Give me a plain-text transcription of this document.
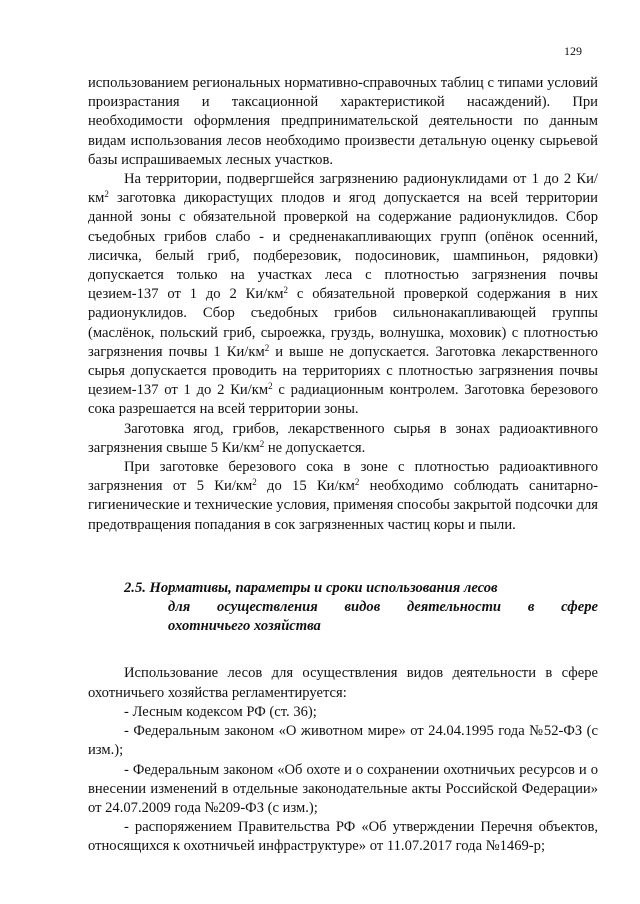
129

использованием региональных нормативно-справочных таблиц с типами условий произрастания и таксационной характеристикой насаждений). При необходимости оформления предпринимательской деятельности по данным видам использования лесов необходимо произвести детальную оценку сырьевой базы испрашиваемых лесных участков.

На территории, подвергшейся загрязнению радионуклидами от 1 до 2 $Ки/км^2$ заготовка дикорастущих плодов и ягод допускается на всей территории данной зоны с обязательной проверкой на содержание радионуклидов. Сбор съедобных грибов слабо - и средненакапливающих групп (опёнок осенний, лисичка, белый гриб, подберезовик, подосиновик, шампиньон, рядовки) допускается только на участках леса с плотностью загрязнения почвы цезием-137 от 1 до 2 $Ки/км^2$ с обязательной проверкой содержания в них радионуклидов. Сбор съедобных грибов сильнонакапливающей группы (маслёнок, польский гриб, сыроежка, груздь, волнушка, моховик) с плотностью загрязнения почвы 1 $Ки/км^2$ и выше не допускается. Заготовка лекарственного сырья допускается проводить на территориях с плотностью загрязнения почвы цезием-137 от 1 до 2 $Ки/км^2$ с радиационным контролем. Заготовка березового сока разрешается на всей территории зоны.

Заготовка ягод, грибов, лекарственного сырья в зонах радиоактивного загрязнения свыше 5 $Ки/км^2$ не допускается.

При заготовке березового сока в зоне с плотностью радиоактивного загрязнения от 5 $Ки/км^2$ до 15 $Ки/км^2$ необходимо соблюдать санитарно-гигиенические и технические условия, применяя способы закрытой подсочки для предотвращения попадания в сок загрязненных частиц коры и пыли.

2.5. Нормативы, параметры и сроки использования лесов
для осуществления видов деятельности в сфере
охотничьего хозяйства

Использование лесов для осуществления видов деятельности в сфере охотничьего хозяйства регламентируется:

- Лесным кодексом РФ (ст. 36);

- Федеральным законом «О животном мире» от 24.04.1995 года №52-ФЗ (с изм.);

- Федеральным законом «Об охоте и о сохранении охотничьих ресурсов и о внесении изменений в отдельные законодательные акты Российской Федерации» от 24.07.2009 года №209-ФЗ (с изм.);

- распоряжением Правительства РФ «Об утверждении Перечня объектов, относящихся к охотничьей инфраструктуре» от 11.07.2017 года №1469-р;
